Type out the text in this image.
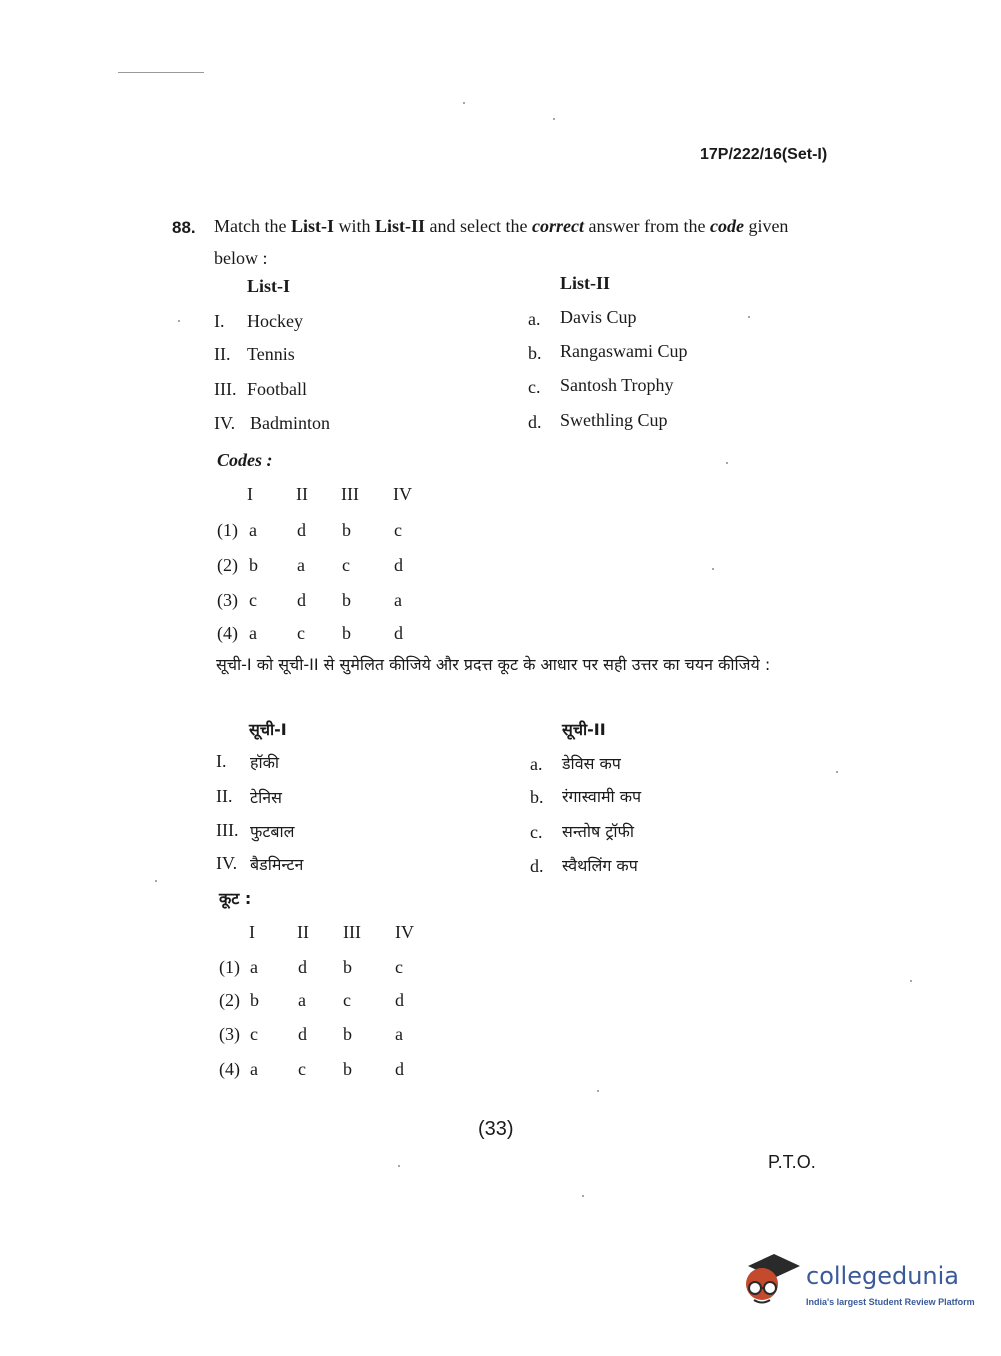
17P/222/16(Set-I)
88. Match the List-I with List-II and select the correct answer from the code given below :
List-I	List-II
I. Hockey
II. Tennis
III. Football
IV. Badminton
a. Davis Cup
b. Rangaswami Cup
c. Santosh Trophy
d. Swethling Cup
Codes :
I II III IV
(1) a d b c
(2) b a c d
(3) c d b a
(4) a c b d
सूची-I को सूची-II से सुमेलित कीजिये और प्रदत्त कूट के आधार पर सही उत्तर का चयन कीजिये :
सूची-I	सूची-II
I. हॉकी
II. टेनिस
III. फुटबाल
IV. बैडमिन्टन
a. डेविस कप
b. रंगास्वामी कप
c. सन्तोष ट्रॉफी
d. स्वैथलिंग कप
कूट :
I II III IV
(1) a d b c
(2) b a c d
(3) c d b a
(4) a c b d
(33)
P.T.O.
collegedunia
India's largest Student Review Platform
